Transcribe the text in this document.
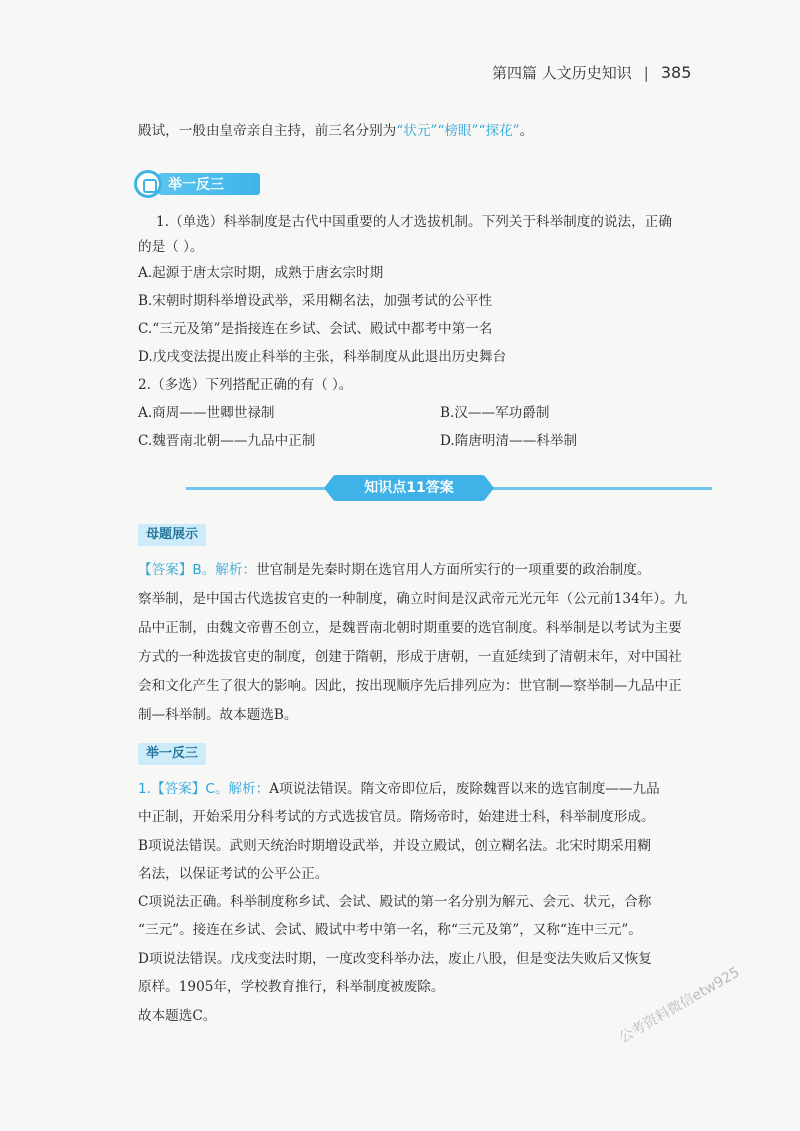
第四篇 人文历史知识 | 385
殿试，一般由皇帝亲自主持，前三名分别为“状元”“榜眼”“探花”。
举一反三
1.（单选）科举制度是古代中国重要的人才选拔机制。下列关于科举制度的说法，正确
的是（ ）。
A.起源于唐太宗时期，成熟于唐玄宗时期
B.宋朝时期科举增设武举，采用糊名法，加强考试的公平性
C.“三元及第”是指接连在乡试、会试、殿试中都考中第一名
D.戊戌变法提出废止科举的主张，科举制度从此退出历史舞台
2.（多选）下列搭配正确的有（ ）。
A.商周——世卿世禄制	B.汉——军功爵制
C.魏晋南北朝——九品中正制	D.隋唐明清——科举制
知识点11答案
母题展示
【答案】B。解析：世官制是先秦时期在选官用人方面所实行的一项重要的政治制度。
察举制，是中国古代选拔官吏的一种制度，确立时间是汉武帝元光元年（公元前134年）。九
品中正制，由魏文帝曹丕创立，是魏晋南北朝时期重要的选官制度。科举制是以考试为主要
方式的一种选拔官吏的制度，创建于隋朝，形成于唐朝，一直延续到了清朝末年，对中国社
会和文化产生了很大的影响。因此，按出现顺序先后排列应为：世官制—察举制—九品中正
制—科举制。故本题选B。
举一反三
1.【答案】C。解析：A项说法错误。隋文帝即位后，废除魏晋以来的选官制度——九品
中正制，开始采用分科考试的方式选拔官员。隋炀帝时，始建进士科，科举制度形成。
B项说法错误。武则天统治时期增设武举，并设立殿试，创立糊名法。北宋时期采用糊
名法，以保证考试的公平公正。
C项说法正确。科举制度称乡试、会试、殿试的第一名分别为解元、会元、状元，合称
“三元”。接连在乡试、会试、殿试中考中第一名，称“三元及第”，又称“连中三元”。
D项说法错误。戊戌变法时期，一度改变科举办法，废止八股，但是变法失败后又恢复
原样。1905年，学校教育推行，科举制度被废除。
故本题选C。	公考资料微信etw925
